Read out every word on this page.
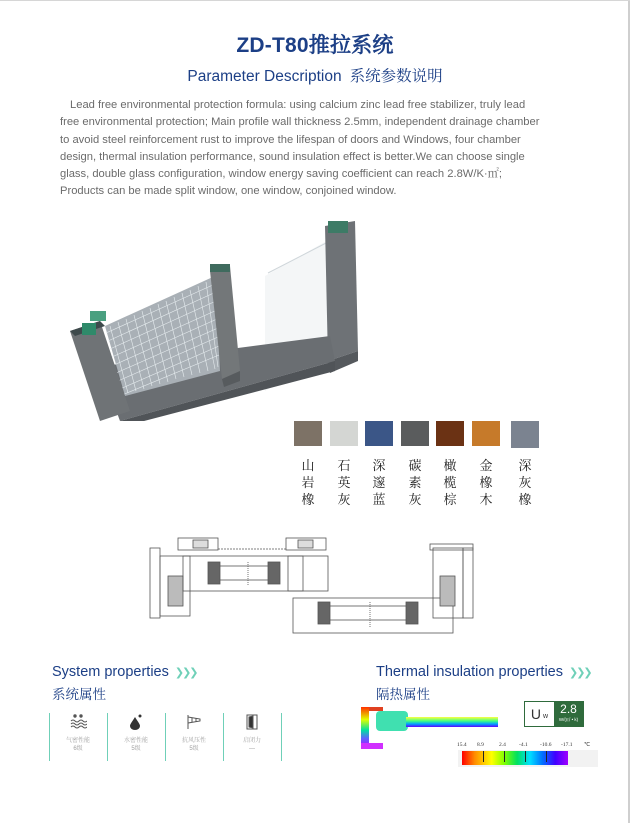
ZD-T80推拉系统
Parameter Description 系统参数说明

Lead free environmental protection formula: using calcium zinc lead free stabilizer, truly lead

free environmental protection; Main profile wall thickness 2.5mm, independent drainage chamber

to avoid steel reinforcement rust to improve the lifespan of doors and Windows, four chamber

design, thermal insulation performance, sound insulation effect is better.We can choose single

glass, double glass configuration, window energy saving coefficient can reach 2.8W/K·㎡;

Products can be made split window, one window, conjoined window.

山
岩
橡
石
英
灰
深
邃
蓝
碳
素
灰
橄
榄
棕
金
橡
木
深
灰
橡
System properties ❯❯❯
系统属性
气密性能
6级
水密性能
5级
抗风压性
5级
启闭力
—
Thermal insulation properties ❯❯❯
隔热属性
U w	2.8
W/(㎡ • k)
15.4 8.9	2.4 -4.1 -10.6 -17.1 ℃
